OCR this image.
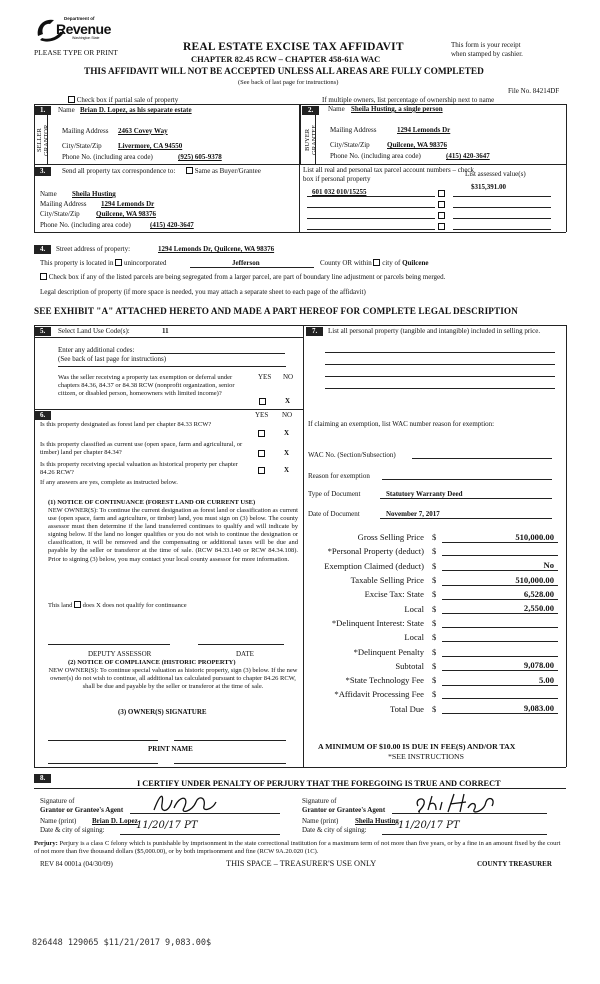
Department of
Revenue
Washington State
PLEASE TYPE OR PRINT	REAL ESTATE EXCISE TAX AFFIDAVIT
CHAPTER 82.45 RCW – CHAPTER 458-61A WAC
This form is your receipt
when stamped by cashier.
THIS AFFIDAVIT WILL NOT BE ACCEPTED UNLESS ALL AREAS ARE FULLY COMPLETED
(See back of last page for instructions)
File No. 84214DF
Check box if partial sale of property	If multiple owners, list percentage of ownership next to name
1.
SELLER GRANTOR
Name Brian D. Lopez, as his separate estate
Mailing Address 2463 Covey Way
City/State/Zip Livermore, CA 94550
Phone No. (including area code)	(925) 605-9378
2.
BUYER GRANTEE
Name Sheila Husting, a single person
Mailing Address	1294 Lemonds Dr
City/State/Zip Quilcene, WA 98376
Phone No. (including area code)	(415) 420-3647
3.	Send all property tax correspondence to:	Same as Buyer/Grantee
Name Sheila Husting
Mailing Address 1294 Lemonds Dr
City/State/Zip Quilcene, WA 98376
Phone No. (including area code)	(415) 420-3647
List all real and personal tax parcel account numbers – check box if personal property
List assessed value(s)
$315,391.00
601 032 010/15255
4.	Street address of property:	1294 Lemonds Dr, Quilcene, WA 98376
This property is located in unincorporated	Jefferson	County OR within city of Quilcene
Check box if any of the listed parcels are being segregated from a larger parcel, are part of boundary line adjustment or parcels being merged.
Legal description of property (if more space is needed, you may attach a separate sheet to each page of the affidavit)
SEE EXHIBIT "A" ATTACHED HERETO AND MADE A PART HEREOF FOR COMPLETE LEGAL DESCRIPTION
5.	Select Land Use Code(s):	11
Enter any additional codes:
(See back of last page for instructions)
YES NO
Was the seller receiving a property tax exemption or deferral under chapters 84.36, 84.37 or 84.38 RCW (nonprofit organization, senior citizen, or disabled person, homeowners with limited income)?
X
6.	YES NO
Is this property designated as forest land per chapter 84.33 RCW?
X
Is this property classified as current use (open space, farm and agricultural, or timber) land per chapter 84.34?	X
Is this property receiving special valuation as historical property per chapter 84.26 RCW?	X
If any answers are yes, complete as instructed below.
(1) NOTICE OF CONTINUANCE (FOREST LAND OR CURRENT USE)
NEW OWNER(S): To continue the current designation as forest land or classification as current use (open space, farm and agriculture, or timber) land, you must sign on (3) below. The county assessor must then determine if the land transferred continues to qualify and will indicate by signing below. If the land no longer qualifies or you do not wish to continue the designation or classification, it will be removed and the compensating or additional taxes will be due and payable by the seller or transferor at the time of sale. (RCW 84.33.140 or RCW 84.34.108). Prior to signing (3) below, you may contact your local county assessor for more information.
This land does X does not qualify for continuance
DEPUTY ASSESSOR	DATE
(2) NOTICE OF COMPLIANCE (HISTORIC PROPERTY)
NEW OWNER(S): To continue special valuation as historic property, sign (3) below. If the new owner(s) do not wish to continue, all additional tax calculated pursuant to chapter 84.26 RCW, shall be due and payable by the seller or transferor at the time of sale.
(3) OWNER(S) SIGNATURE
PRINT NAME
7.	List all personal property (tangible and intangible) included in selling price.
If claiming an exemption, list WAC number reason for exemption:
WAC No. (Section/Subsection)
Reason for exemption
Type of Document	Statutory Warranty Deed
Date of Document	November 7, 2017
Gross Selling Price $	510,000.00
*Personal Property (deduct) $
Exemption Claimed (deduct) $	No
Taxable Selling Price $	510,000.00
Excise Tax: State $	6,528.00
Local $	2,550.00
*Delinquent Interest: State $
Local $
*Delinquent Penalty $
Subtotal $	9,078.00
*State Technology Fee $	5.00
*Affidavit Processing Fee $
Total Due $	9,083.00
A MINIMUM OF $10.00 IS DUE IN FEE(S) AND/OR TAX
*SEE INSTRUCTIONS
8.
I CERTIFY UNDER PENALTY OF PERJURY THAT THE FOREGOING IS TRUE AND CORRECT
Signature of
Grantor or Grantee's Agent
Name (print) Brian D. Lopez
Date & city of signing:	11/20/17 PT
Signature of
Grantor or Grantee's Agent
Name (print) Sheila Husting
Date & city of signing:	11/20/17 PT
Perjury: Perjury is a class C felony which is punishable by imprisonment in the state correctional institution for a maximum term of not more than five years, or by a fine in an amount fixed by the court of not more than five thousand dollars ($5,000.00), or by both imprisonment and fine (RCW 9A.20.020 (1C).
REV 84 0001a (04/30/09)	THIS SPACE – TREASURER'S USE ONLY	COUNTY TREASURER
826448 129065 $11/21/2017 9,083.00$
